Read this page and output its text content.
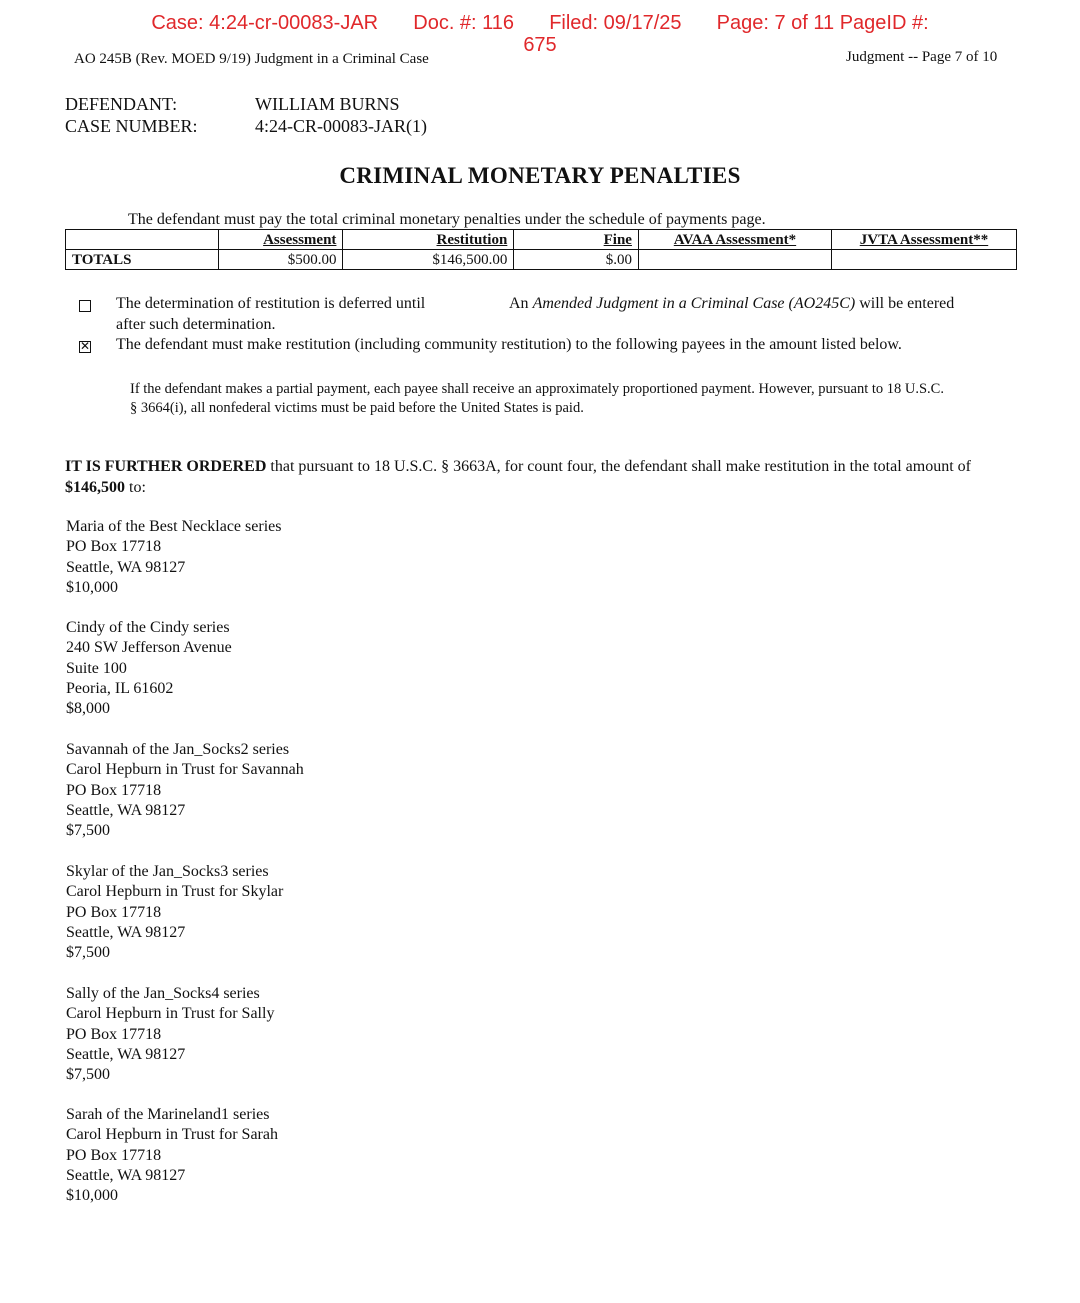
Case: 4:24-cr-00083-JAR Doc. #: 116 Filed: 09/17/25 Page: 7 of 11 PageID #:
675
AO 245B (Rev. MOED 9/19) Judgment in a Criminal Case	Judgment -- Page 7 of 10
DEFENDANT:	WILLIAM BURNS
CASE NUMBER:	4:24-CR-00083-JAR(1)
CRIMINAL MONETARY PENALTIES
The defendant must pay the total criminal monetary penalties under the schedule of payments page.
	Assessment	Restitution	Fine	AVAA Assessment*	JVTA Assessment**
TOTALS	$500.00	$146,500.00	$.00		
The determination of restitution is deferred until	An Amended Judgment in a Criminal Case (AO245C) will be entered
after such determination.
✕ The defendant must make restitution (including community restitution) to the following payees in the amount listed below.
If the defendant makes a partial payment, each payee shall receive an approximately proportioned payment. However, pursuant to 18 U.S.C.
§ 3664(i), all nonfederal victims must be paid before the United States is paid.
IT IS FURTHER ORDERED that pursuant to 18 U.S.C. § 3663A, for count four, the defendant shall make restitution in the total amount of $146,500 to:
Maria of the Best Necklace series
PO Box 17718
Seattle, WA 98127
$10,000
Cindy of the Cindy series
240 SW Jefferson Avenue
Suite 100
Peoria, IL 61602
$8,000
Savannah of the Jan_Socks2 series
Carol Hepburn in Trust for Savannah
PO Box 17718
Seattle, WA 98127
$7,500
Skylar of the Jan_Socks3 series
Carol Hepburn in Trust for Skylar
PO Box 17718
Seattle, WA 98127
$7,500
Sally of the Jan_Socks4 series
Carol Hepburn in Trust for Sally
PO Box 17718
Seattle, WA 98127
$7,500
Sarah of the Marineland1 series
Carol Hepburn in Trust for Sarah
PO Box 17718
Seattle, WA 98127
$10,000
